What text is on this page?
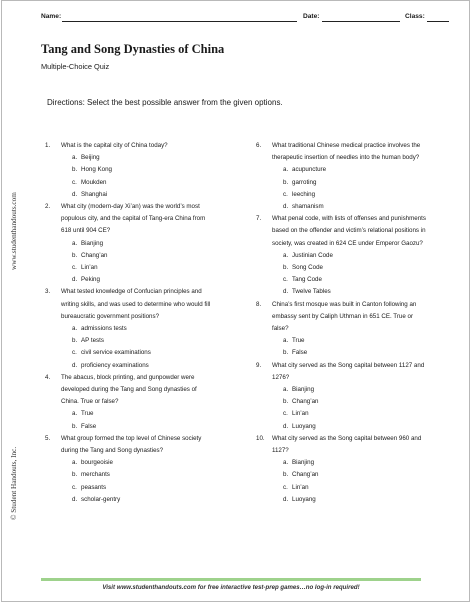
Name:	Date:	Class:
Tang and Song Dynasties of China
Multiple-Choice Quiz
Directions: Select the best possible answer from the given options.
www.studenthandouts.com
© Student Handouts, Inc.
1. What is the capital city of China today?
a. Beijing
b. Hong Kong
c. Moukden
d. Shanghai
2. What city (modern-day Xi’an) was the world’s most
populous city, and the capital of Tang-era China from
618 until 904 CE?
a. Bianjing
b. Chang’an
c. Lin’an
d. Peking
3. What tested knowledge of Confucian principles and
writing skills, and was used to determine who would fill
bureaucratic government positions?
a. admissions tests
b. AP tests
c. civil service examinations
d. proficiency examinations
4. The abacus, block printing, and gunpowder were
developed during the Tang and Song dynasties of
China. True or false?
a. True
b. False
5. What group formed the top level of Chinese society
during the Tang and Song dynasties?
a. bourgeoisie
b. merchants
c. peasants
d. scholar-gentry
6. What traditional Chinese medical practice involves the
therapeutic insertion of needles into the human body?
a. acupuncture
b. garroting
c. leeching
d. shamanism
7. What penal code, with lists of offenses and punishments
based on the offender and victim’s relational positions in
society, was created in 624 CE under Emperor Gaozu?
a. Justinian Code
b. Song Code
c. Tang Code
d. Twelve Tables
8. China’s first mosque was built in Canton following an
embassy sent by Caliph Uthman in 651 CE. True or
false?
a. True
b. False
9. What city served as the Song capital between 1127 and
1276?
a. Bianjing
b. Chang’an
c. Lin’an
d. Luoyang
10. What city served as the Song capital between 960 and
1127?
a. Bianjing
b. Chang’an
c. Lin’an
d. Luoyang
Visit www.studenthandouts.com for free interactive test-prep games…no log-in required!
